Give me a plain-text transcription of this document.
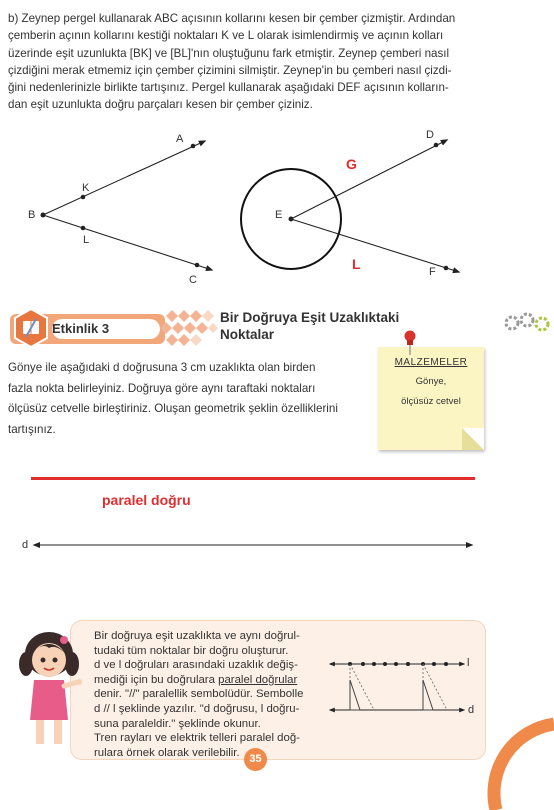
b) Zeynep pergel kullanarak ABC açısının kollarını kesen bir çember çizmiştir. Ardından
çemberin açının kollarını kestiği noktaları K ve L olarak isimlendirmiş ve açının kolları
üzerinde eşit uzunlukta [BK] ve [BL]'nın oluştuğunu fark etmiştir. Zeynep çemberi nasıl
çizdiğini merak etmemiz için çember çizimini silmiştir. Zeynep'in bu çemberi nasıl çizdi-
ğini nedenlerinizle birlikte tartışınız. Pergel kullanarak aşağıdaki DEF açısının kolların-
dan eşit uzunlukta doğru parçaları kesen bir çember çiziniz.
A
B
C
K
L
D
E
F
G
L
Etkinlik 3
Bir Doğruya Eşit Uzaklıktaki
Noktalar
Gönye ile aşağıdaki d doğrusuna 3 cm uzaklıkta olan birden
fazla nokta belirleyiniz. Doğruya göre aynı taraftaki noktaları
ölçüsüz cetvelle birleştiriniz. Oluşan geometrik şeklin özelliklerini
tartışınız.
MALZEMELER
Gönye,
ölçüsüz cetvel
paralel doğru
d
Bir doğruya eşit uzaklıkta ve aynı doğrul-
tudaki tüm noktalar bir doğru oluşturur.
d ve l doğruları arasındaki uzaklık değiş-
mediği için bu doğrulara paralel doğrular
denir. "//" paralellik sembolüdür. Sembolle
d // l şeklinde yazılır. "d doğrusu, l doğru-
suna paraleldir." şeklinde okunur.
Tren rayları ve elektrik telleri paralel doğ-
rulara örnek olarak verilebilir.
l
d
35
